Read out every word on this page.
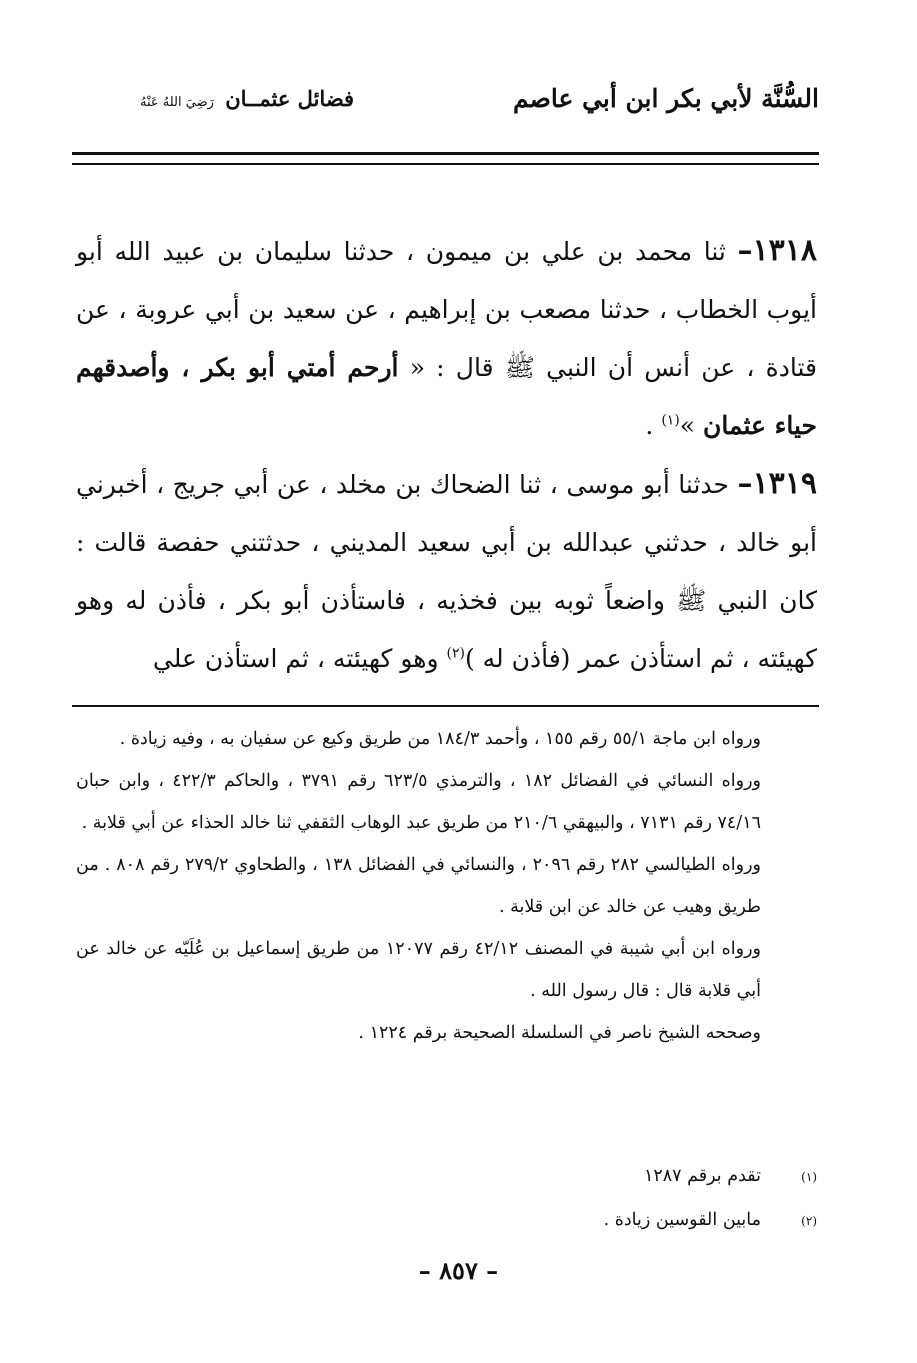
السُّنَّة لأبي بكر ابن أبي عاصم
فضائل عثمــان رَضِيَ اللهُ عَنْهُ

١٣١٨– ثنا محمد بن علي بن ميمون ، حدثنا سليمان بن عبيد الله أبو أيوب الخطاب ، حدثنا مصعب بن إبراهيم ، عن سعيد بن أبي عروبة ، عن قتادة ، عن أنس أن النبي ﷺ قال : « أرحم أمتي أبو بكر ، وأصدقهم حياء عثمان »$^{(١)}$ .

١٣١٩– حدثنا أبو موسى ، ثنا الضحاك بن مخلد ، عن أبي جريج ، أخبرني أبو خالد ، حدثني عبدالله بن أبي سعيد المديني ، حدثتني حفصة قالت : كان النبي ﷺ واضعاً ثوبه بين فخذيه ، فاستأذن أبو بكر ، فأذن له وهو كهيئته ، ثم استأذن عمر (فأذن له )$^{(٢)}$ وهو كهيئته ، ثم استأذن علي

ورواه ابن ماجة ٥٥/١ رقم ١٥٥ ، وأحمد ١٨٤/٣ من طريق وكيع عن سفيان به ، وفيه زيادة .

ورواه النسائي في الفضائل ١٨٢ ، والترمذي ٦٢٣/٥ رقم ٣٧٩١ ، والحاكم ٤٢٢/٣ ، وابن حبان ٧٤/١٦ رقم ٧١٣١ ، والبيهقي ٢١٠/٦ من طريق عبد الوهاب الثقفي ثنا خالد الحذاء عن أبي قلابة .

ورواه الطيالسي ٢٨٢ رقم ٢٠٩٦ ، والنسائي في الفضائل ١٣٨ ، والطحاوي ٢٧٩/٢ رقم ٨٠٨ . من طريق وهيب عن خالد عن ابن قلابة .

ورواه ابن أبي شيبة في المصنف ٤٢/١٢ رقم ١٢٠٧٧ من طريق إسماعيل بن عُلَيّه عن خالد عن أبي قلابة قال : قال رسول الله .

وصححه الشيخ ناصر في السلسلة الصحيحة برقم ١٢٢٤ .

(١)
تقدم برقم ١٢٨٧
(٢)
مابين القوسين زيادة .
– ٨٥٧ –
